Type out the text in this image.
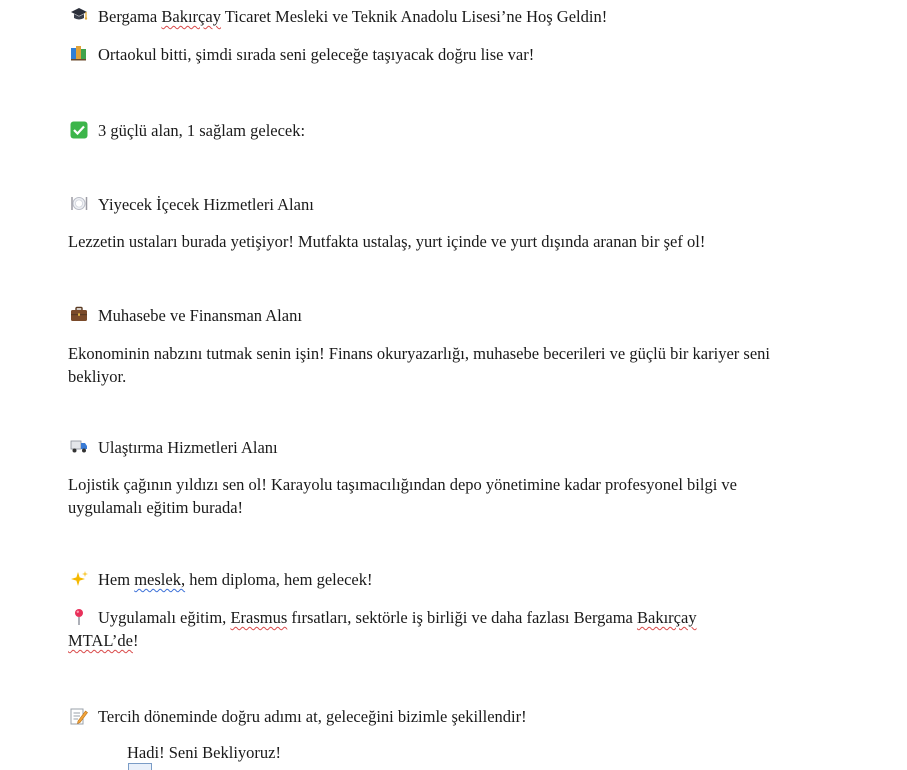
Bergama Bakırçay Ticaret Mesleki ve Teknik Anadolu Lisesi’ne Hoş Geldin!
Ortaokul bitti, şimdi sırada seni geleceğe taşıyacak doğru lise var!
3 güçlü alan, 1 sağlam gelecek:
Yiyecek İçecek Hizmetleri Alanı
Lezzetin ustaları burada yetişiyor! Mutfakta ustalaş, yurt içinde ve yurt dışında aranan bir şef ol!
Muhasebe ve Finansman Alanı
Ekonominin nabzını tutmak senin işin! Finans okuryazarlığı, muhasebe becerileri ve güçlü bir kariyer seni bekliyor.
Ulaştırma Hizmetleri Alanı
Lojistik çağının yıldızı sen ol! Karayolu taşımacılığından depo yönetimine kadar profesyonel bilgi ve uygulamalı eğitim burada!
Hem meslek, hem diploma, hem gelecek!
Uygulamalı eğitim, Erasmus fırsatları, sektörle iş birliği ve daha fazlası Bergama Bakırçay
MTAL’de!
Tercih döneminde doğru adımı at, geleceğini bizimle şekillendir!
Hadi! Seni Bekliyoruz!
